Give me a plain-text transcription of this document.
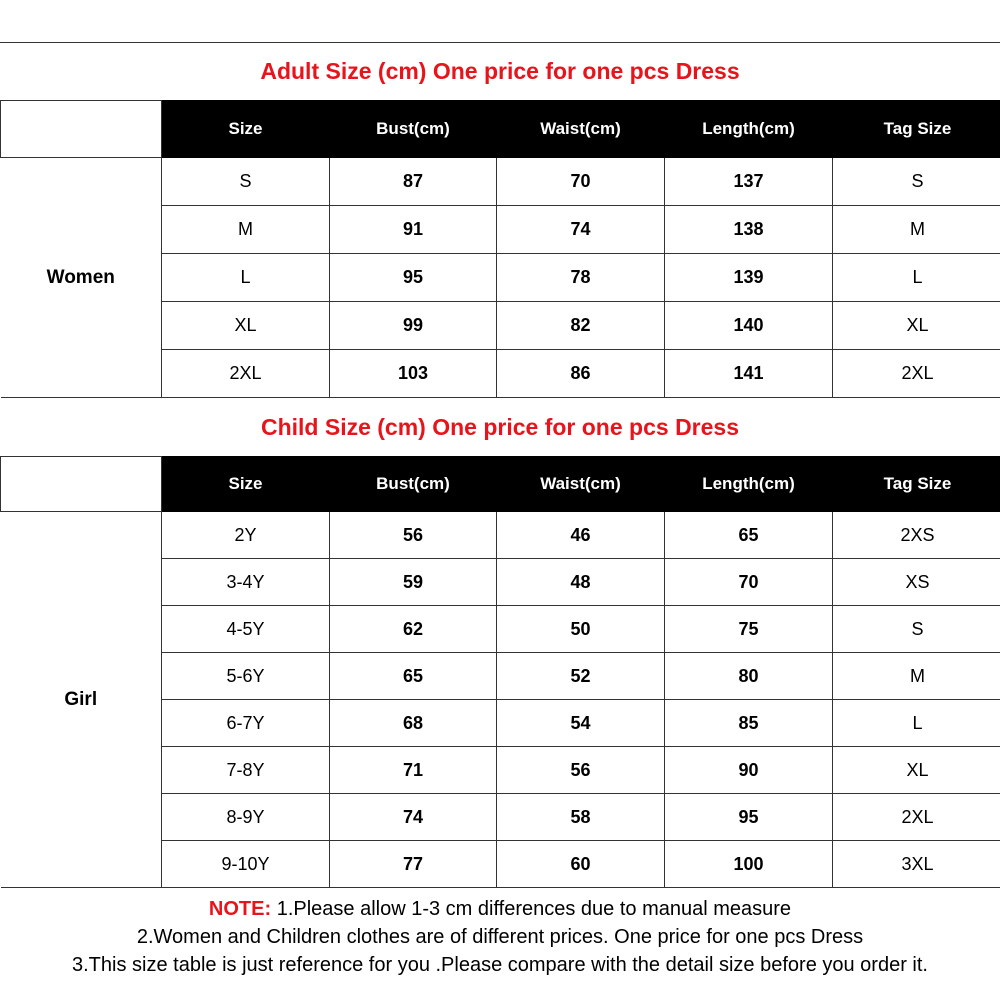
Adult Size (cm) One price for one pcs Dress
	Size	Bust(cm)	Waist(cm)	Length(cm)	Tag Size
Women	S	87	70	137	S
	M	91	74	138	M
	L	95	78	139	L
	XL	99	82	140	XL
	2XL	103	86	141	2XL
Child Size (cm) One price for one pcs Dress
	Size	Bust(cm)	Waist(cm)	Length(cm)	Tag Size
Girl	2Y	56	46	65	2XS
	3-4Y	59	48	70	XS
	4-5Y	62	50	75	S
	5-6Y	65	52	80	M
	6-7Y	68	54	85	L
	7-8Y	71	56	90	XL
	8-9Y	74	58	95	2XL
	9-10Y	77	60	100	3XL
NOTE: 1.Please allow 1-3 cm differences due to manual measure
2.Women and Children clothes are of different prices. One price for one pcs Dress
3.This size table is just reference for you .Please compare with the detail size before you order it.
